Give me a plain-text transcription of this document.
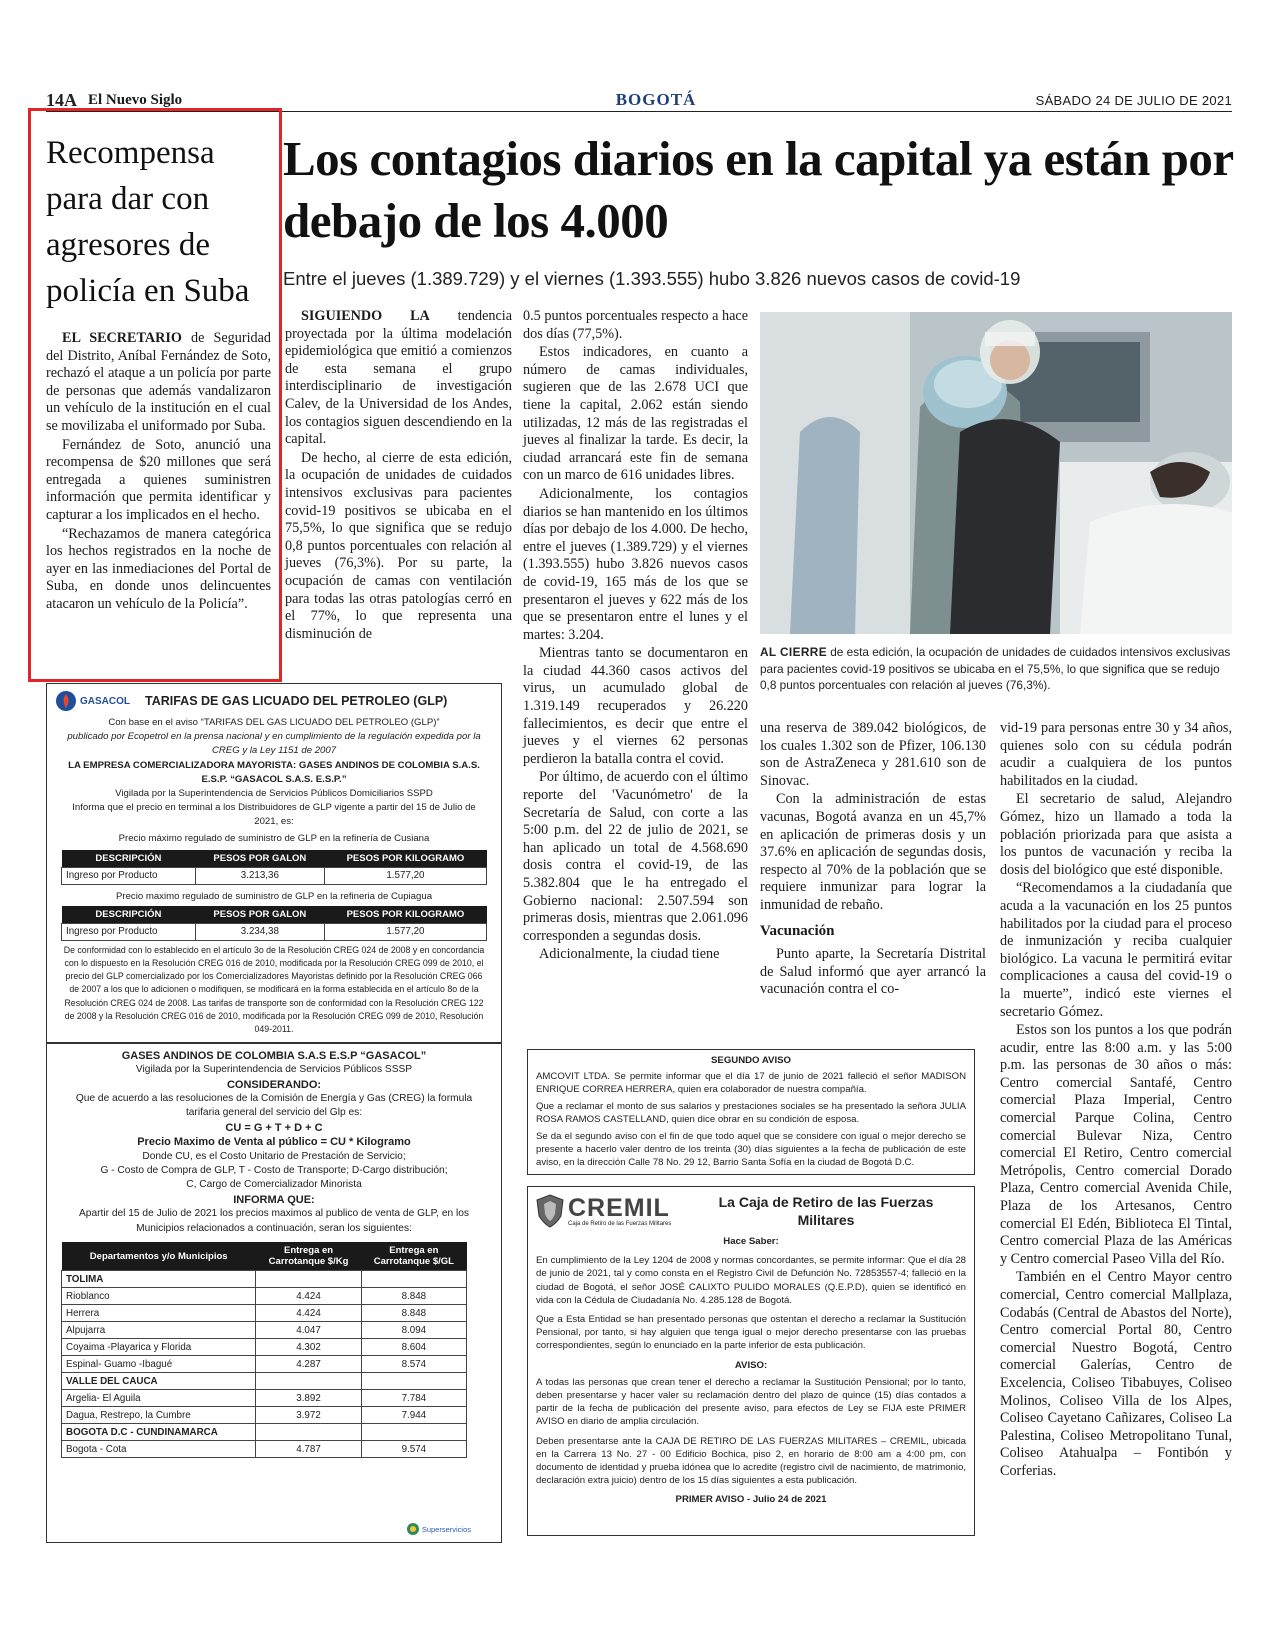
14A El Nuevo Siglo	BOGOTÁ	SÁBADO 24 DE JULIO DE 2021
Recompensa para dar con agresores de policía en Suba

EL SECRETARIO de Seguridad del Distrito, Aníbal Fernández de Soto, rechazó el ataque a un policía por parte de personas que además vandalizaron un vehículo de la institución en el cual se movilizaba el uniformado por Suba.

Fernández de Soto, anunció una recompensa de $20 millones que será entregada a quienes suministren información que permita identificar y capturar a los implicados en el hecho.

“Rechazamos de manera categórica los hechos registrados en la noche de ayer en las inmediaciones del Portal de Suba, en donde unos delincuentes atacaron un vehículo de la Policía”.

Los contagios diarios en la capital ya están por debajo de los 4.000
Entre el jueves (1.389.729) y el viernes (1.393.555) hubo 3.826 nuevos casos de covid-19

SIGUIENDO LA tendencia proyectada por la última modelación epidemiológica que emitió a comienzos de esta semana el grupo interdisciplinario de investigación Calev, de la Universidad de los Andes, los contagios siguen descendiendo en la capital.

De hecho, al cierre de esta edición, la ocupación de unidades de cuidados intensivos exclusivas para pacientes covid-19 positivos se ubicaba en el 75,5%, lo que significa que se redujo 0,8 puntos porcentuales con relación al jueves (76,3%). Por su parte, la ocupación de camas con ventilación para todas las otras patologías cerró en el 77%, lo que representa una disminución de

0.5 puntos porcentuales respecto a hace dos días (77,5%).

Estos indicadores, en cuanto a número de camas individuales, sugieren que de las 2.678 UCI que tiene la capital, 2.062 están siendo utilizadas, 12 más de las registradas el jueves al finalizar la tarde. Es decir, la ciudad arrancará este fin de semana con un marco de 616 unidades libres.

Adicionalmente, los contagios diarios se han mantenido en los últimos días por debajo de los 4.000. De hecho, entre el jueves (1.389.729) y el viernes (1.393.555) hubo 3.826 nuevos casos de covid-19, 165 más de los que se presentaron el jueves y 622 más de los que se presentaron entre el lunes y el martes: 3.204.

Mientras tanto se documentaron en la ciudad 44.360 casos activos del virus, un acumulado global de 1.319.149 recuperados y 26.220 fallecimientos, es decir que entre el jueves y el viernes 62 personas perdieron la batalla contra el covid.

Por último, de acuerdo con el último reporte del 'Vacunómetro' de la Secretaría de Salud, con corte a las 5:00 p.m. del 22 de julio de 2021, se han aplicado un total de 4.568.690 dosis contra el covid-19, de las 5.382.804 que le ha entregado el Gobierno nacional: 2.507.594 son primeras dosis, mientras que 2.061.096 corresponden a segundas dosis.

Adicionalmente, la ciudad tiene

AL CIERRE de esta edición, la ocupación de unidades de cuidados intensivos exclusivas para pacientes covid-19 positivos se ubicaba en el 75,5%, lo que significa que se redujo 0,8 puntos porcentuales con relación al jueves (76,3%).

una reserva de 389.042 biológicos, de los cuales 1.302 son de Pfizer, 106.130 son de AstraZeneca y 281.610 son de Sinovac.

Con la administración de estas vacunas, Bogotá avanza en un 45,7% en aplicación de primeras dosis y un 37.6% en aplicación de segundas dosis, respecto al 70% de la población que se requiere inmunizar para lograr la inmunidad de rebaño.

Vacunación

Punto aparte, la Secretaría Distrital de Salud informó que ayer arrancó la vacunación contra el co-

vid-19 para personas entre 30 y 34 años, quienes solo con su cédula podrán acudir a cualquiera de los puntos habilitados en la ciudad.

El secretario de salud, Alejandro Gómez, hizo un llamado a toda la población priorizada para que asista a los puntos de vacunación y reciba la dosis del biológico que esté disponible.

“Recomendamos a la ciudadanía que acuda a la vacunación en los 25 puntos habilitados por la ciudad para el proceso de inmunización y reciba cualquier biológico. La vacuna le permitirá evitar complicaciones a causa del covid-19 o la muerte”, indicó este viernes el secretario Gómez.

Estos son los puntos a los que podrán acudir, entre las 8:00 a.m. y las 5:00 p.m. las personas de 30 años o más: Centro comercial Santafé, Centro comercial Plaza Imperial, Centro comercial Parque Colina, Centro comercial Bulevar Niza, Centro comercial El Retiro, Centro comercial Metrópolis, Centro comercial Dorado Plaza, Centro comercial Avenida Chile, Plaza de los Artesanos, Centro comercial El Edén, Biblioteca El Tintal, Centro comercial Plaza de las Américas y Centro comercial Paseo Villa del Río.

También en el Centro Mayor centro comercial, Centro comercial Mallplaza, Codabás (Central de Abastos del Norte), Centro comercial Portal 80, Centro comercial Nuestro Bogotá, Centro comercial Galerías, Centro de Excelencia, Coliseo Tibabuyes, Coliseo Molinos, Coliseo Villa de los Alpes, Coliseo Cayetano Cañizares, Coliseo La Palestina, Coliseo Metropolitano Tunal, Coliseo Atahualpa – Fontibón y Corferias.

GASACOL TARIFAS DE GAS LICUADO DEL PETROLEO (GLP)
Con base en el aviso “TARIFAS DEL GAS LICUADO DEL PETROLEO (GLP)”
publicado por Ecopetrol en la prensa nacional y en cumplimiento de la regulación expedida por la CREG y la Ley 1151 de 2007
LA EMPRESA COMERCIALIZADORA MAYORISTA: GASES ANDINOS DE COLOMBIA S.A.S. E.S.P. “GASACOL S.A.S. E.S.P.”
Vigilada por la Superintendencia de Servicios Públicos Domiciliarios SSPD
Informa que el precio en terminal a los Distribuidores de GLP vigente a partir del 15 de Julio de 2021, es:
Precio máximo regulado de suministro de GLP en la refinería de Cusiana
DESCRIPCIÓN	PESOS POR GALON	PESOS POR KILOGRAMO
Ingreso por Producto	3.213,36	1.577,20
Precio maximo regulado de suministro de GLP en la refineria de Cupiagua
DESCRIPCIÓN	PESOS POR GALON	PESOS POR KILOGRAMO
Ingreso por Producto	3.234,38	1.577,20
De conformidad con lo establecido en el artículo 3o de la Resolución CREG 024 de 2008 y en concordancia con lo dispuesto en la Resolución CREG 016 de 2010, modificada por la Resolución CREG 099 de 2010, el precio del GLP comercializado por los Comercializadores Mayoristas definido por la Resolución CREG 066 de 2007 a los que lo adicionen o modifiquen, se modificará en la forma establecida en el artículo 8o de la Resolución CREG 024 de 2008. Las tarifas de transporte son de conformidad con la Resolución CREG 122 de 2008 y la Resolución CREG 016 de 2010, modificada por la Resolución CREG 099 de 2010, Resolución 049-2011.
GASES ANDINOS DE COLOMBIA S.A.S E.S.P “GASACOL”
Vigilada por la Superintendencia de Servicios Públicos SSSP
CONSIDERANDO:
Que de acuerdo a las resoluciones de la Comisión de Energía y Gas (CREG) la formula tarifaria general del servicio del Glp es:
CU = G + T + D + C
Precio Maximo de Venta al público = CU * Kilogramo
Donde CU, es el Costo Unitario de Prestación de Servicio;
G - Costo de Compra de GLP, T - Costo de Transporte; D-Cargo distribución;
C, Cargo de Comercializador Minorista
INFORMA QUE:
Apartir del 15 de Julio de 2021 los precios maximos al publico de venta de GLP, en los Municipios relacionados a continuación, seran los siguientes:
Departamentos y/o Municipios	Entrega en Carrotanque $/Kg	Entrega en Carrotanque $/GL
TOLIMA		
Rioblanco	4.424	8.848
Herrera	4.424	8.848
Alpujarra	4.047	8.094
Coyaima -Playarica y Florida	4.302	8.604
Espinal- Guamo -Ibagué	4.287	8.574
VALLE DEL CAUCA		
Argelia- El Aguila	3.892	7.784
Dagua, Restrepo, la Cumbre	3.972	7.944
BOGOTA D.C - CUNDINAMARCA		
Bogota - Cota	4.787	9.574
Superservicios
SEGUNDO AVISO
AMCOVIT LTDA. Se permite informar que el día 17 de junio de 2021 falleció el señor MADISON ENRIQUE CORREA HERRERA, quien era colaborador de nuestra compañía.
Que a reclamar el monto de sus salarios y prestaciones sociales se ha presentado la señora JULIA ROSA RAMOS CASTELLAND, quien dice obrar en su condición de esposa.
Se da el segundo aviso con el fin de que todo aquel que se considere con igual o mejor derecho se presente a hacerlo valer dentro de los treinta (30) días siguientes a la fecha de publicación de este aviso, en la dirección Calle 78 No. 29 12, Barrio Santa Sofía en la ciudad de Bogotá D.C.
CREMIL
Caja de Retiro de las Fuerzas Militares
La Caja de Retiro de las Fuerzas Militares
Hace Saber:
En cumplimiento de la Ley 1204 de 2008 y normas concordantes, se permite informar: Que el día 28 de junio de 2021, tal y como consta en el Registro Civil de Defunción No. 72853557-4; falleció en la ciudad de Bogotá, el señor JOSÉ CALIXTO PULIDO MORALES (Q.E.P.D), quien se identificó en vida con la Cédula de Ciudadanía No. 4.285.128 de Bogotá.
Que a Esta Entidad se han presentado personas que ostentan el derecho a reclamar la Sustitución Pensional, por tanto, si hay alguien que tenga igual o mejor derecho presentarse con las pruebas correspondientes, según lo enunciado en la parte inferior de esta publicación.
AVISO:
A todas las personas que crean tener el derecho a reclamar la Sustitución Pensional; por lo tanto, deben presentarse y hacer valer su reclamación dentro del plazo de quince (15) días contados a partir de la fecha de publicación del presente aviso, para efectos de Ley se FIJA este PRIMER AVISO en diario de amplia circulación.
Deben presentarse ante la CAJA DE RETIRO DE LAS FUERZAS MILITARES – CREMIL, ubicada en la Carrera 13 No. 27 - 00 Edificio Bochica, piso 2, en horario de 8:00 am a 4:00 pm, con documento de identidad y prueba idónea que lo acredite (registro civil de nacimiento, de matrimonio, declaración extra juicio) dentro de los 15 días siguientes a esta publicación.
PRIMER AVISO - Julio 24 de 2021
